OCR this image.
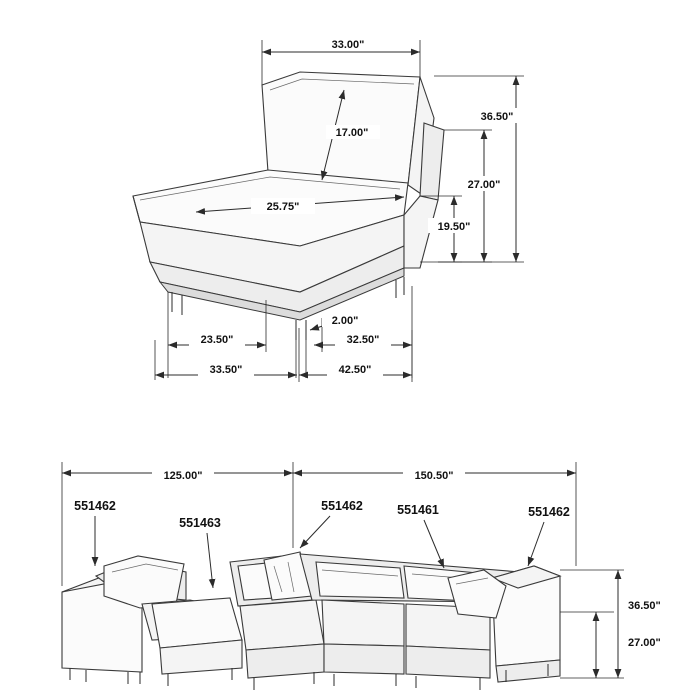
33.00"
17.00"
25.75"
36.50"
27.00"
19.50"
23.50"
2.00"
32.50"
33.50"	42.50"
125.00"	150.50"
36.50"
27.00"
551462
551463
551462	551461	551462
